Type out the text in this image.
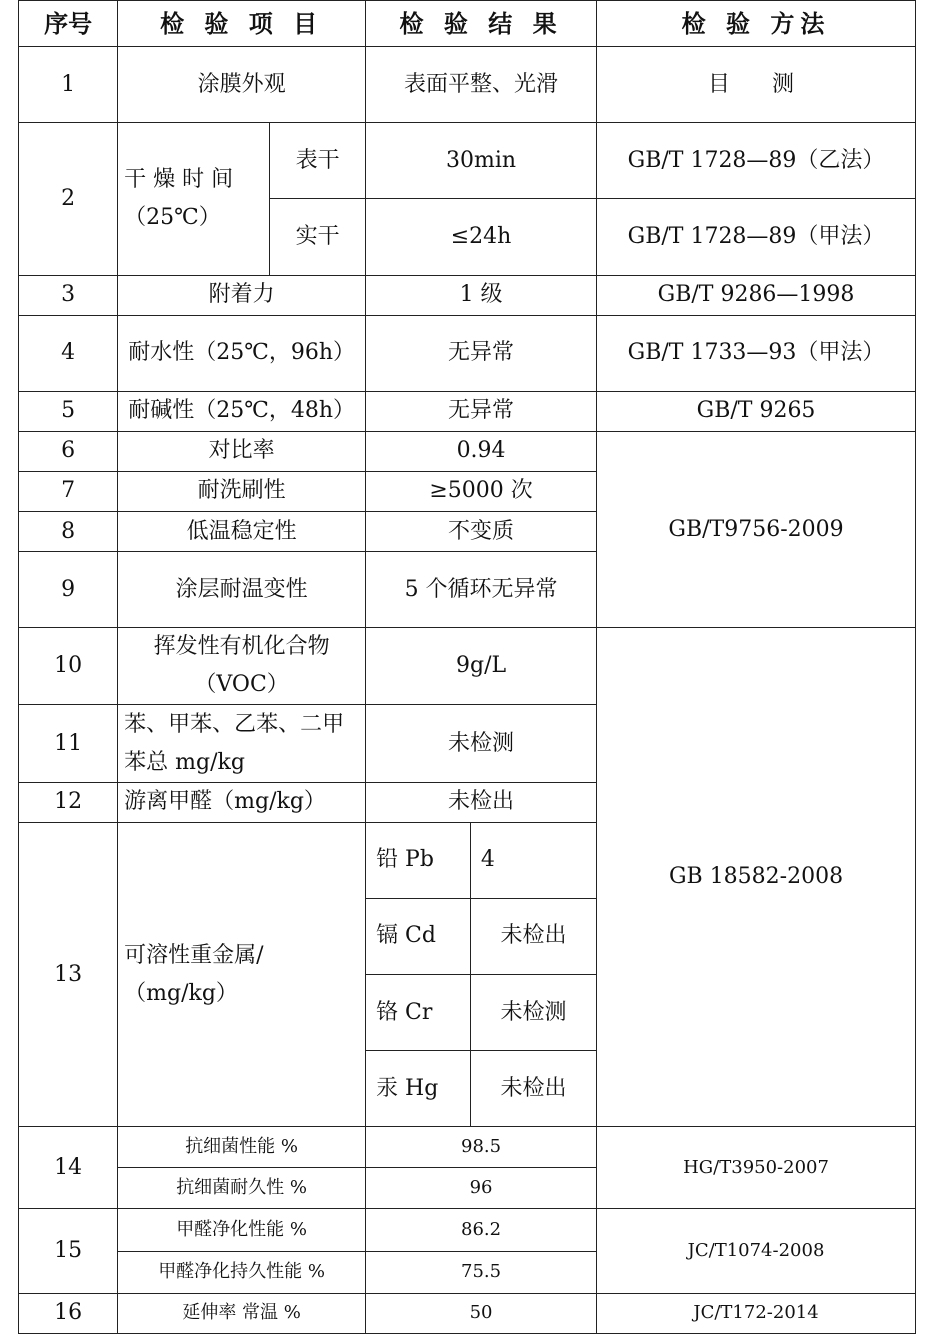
序号	检 验 项 目		检 验 结 果		检 验 方法
1	涂膜外观		表面平整、光滑		目　测
2	干 燥 时 间（25℃）	表干	30min		GB/T 1728—89（乙法）
		实干	≤24h		GB/T 1728—89（甲法）
3	附着力		1 级		GB/T 9286—1998
4	耐水性（25℃，96h）		无异常		GB/T 1733—93（甲法）
5	耐碱性（25℃，48h）		无异常		GB/T 9265
6	对比率		0.94		GB/T9756-2009
7	耐洗刷性		≥5000 次		
8	低温稳定性		不变质		
9	涂层耐温变性		5 个循环无异常		
10	挥发性有机化合物（VOC）		9g/L		GB 18582-2008
11	苯、甲苯、乙苯、二甲苯总 mg/kg		未检测		
12	游离甲醛（mg/kg）		未检出		
13	可溶性重金属/（mg/kg）		铅 Pb	4	
			镉 Cd	未检出	
			铬 Cr	未检测	
			汞 Hg	未检出	
14	抗细菌性能 %		98.5		HG/T3950-2007
	抗细菌耐久性 %		96		
15	甲醛净化性能 %		86.2		JC/T1074-2008
	甲醛净化持久性能 %		75.5		
16	延伸率 常温 %		50		JC/T172-2014
